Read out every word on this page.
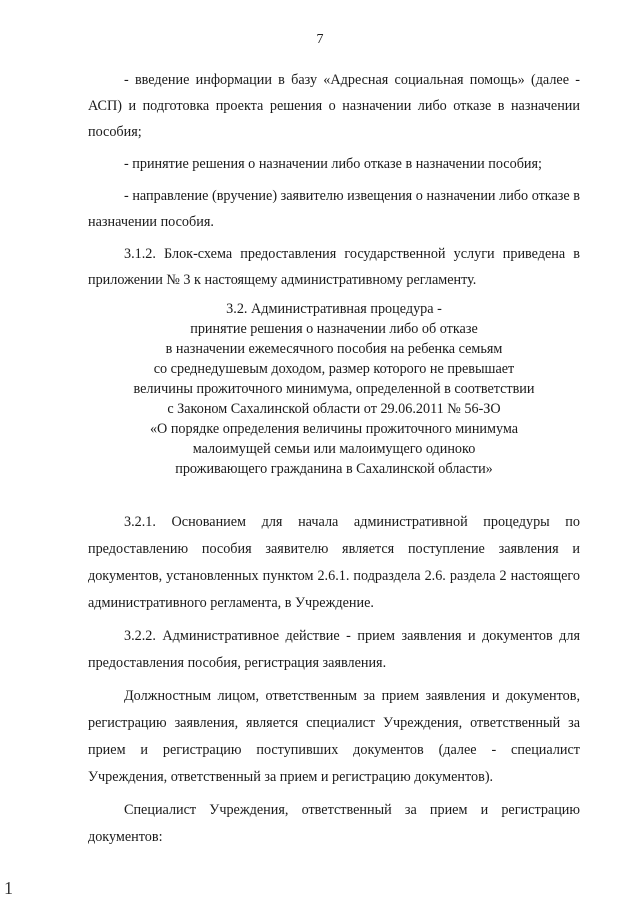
7

- введение информации в базу «Адресная социальная помощь» (далее - АСП) и подготовка проекта решения о назначении либо отказе в назначении пособия;

- принятие решения о назначении либо отказе в назначении пособия;

- направление (вручение) заявителю извещения о назначении либо отказе в назначении пособия.

3.1.2. Блок-схема предоставления государственной услуги приведена в приложении № 3 к настоящему административному регламенту.

3.2. Административная процедура -
принятие решения о назначении либо об отказе
в назначении ежемесячного пособия на ребенка семьям
со среднедушевым доходом, размер которого не превышает
величины прожиточного минимума, определенной в соответствии
с Законом Сахалинской области от 29.06.2011 № 56-ЗО
«О порядке определения величины прожиточного минимума
малоимущей семьи или малоимущего одиноко
проживающего гражданина в Сахалинской области»

3.2.1. Основанием для начала административной процедуры по предоставлению пособия заявителю является поступление заявления и документов, установленных пунктом 2.6.1. подраздела 2.6. раздела 2 настоящего административного регламента, в Учреждение.

3.2.2. Административное действие - прием заявления и документов для предоставления пособия, регистрация заявления.

Должностным лицом, ответственным за прием заявления и документов, регистрацию заявления, является специалист Учреждения, ответственный за прием и регистрацию поступивших документов (далее - специалист Учреждения, ответственный за прием и регистрацию документов).

Специалист Учреждения, ответственный за прием и регистрацию документов:

1
